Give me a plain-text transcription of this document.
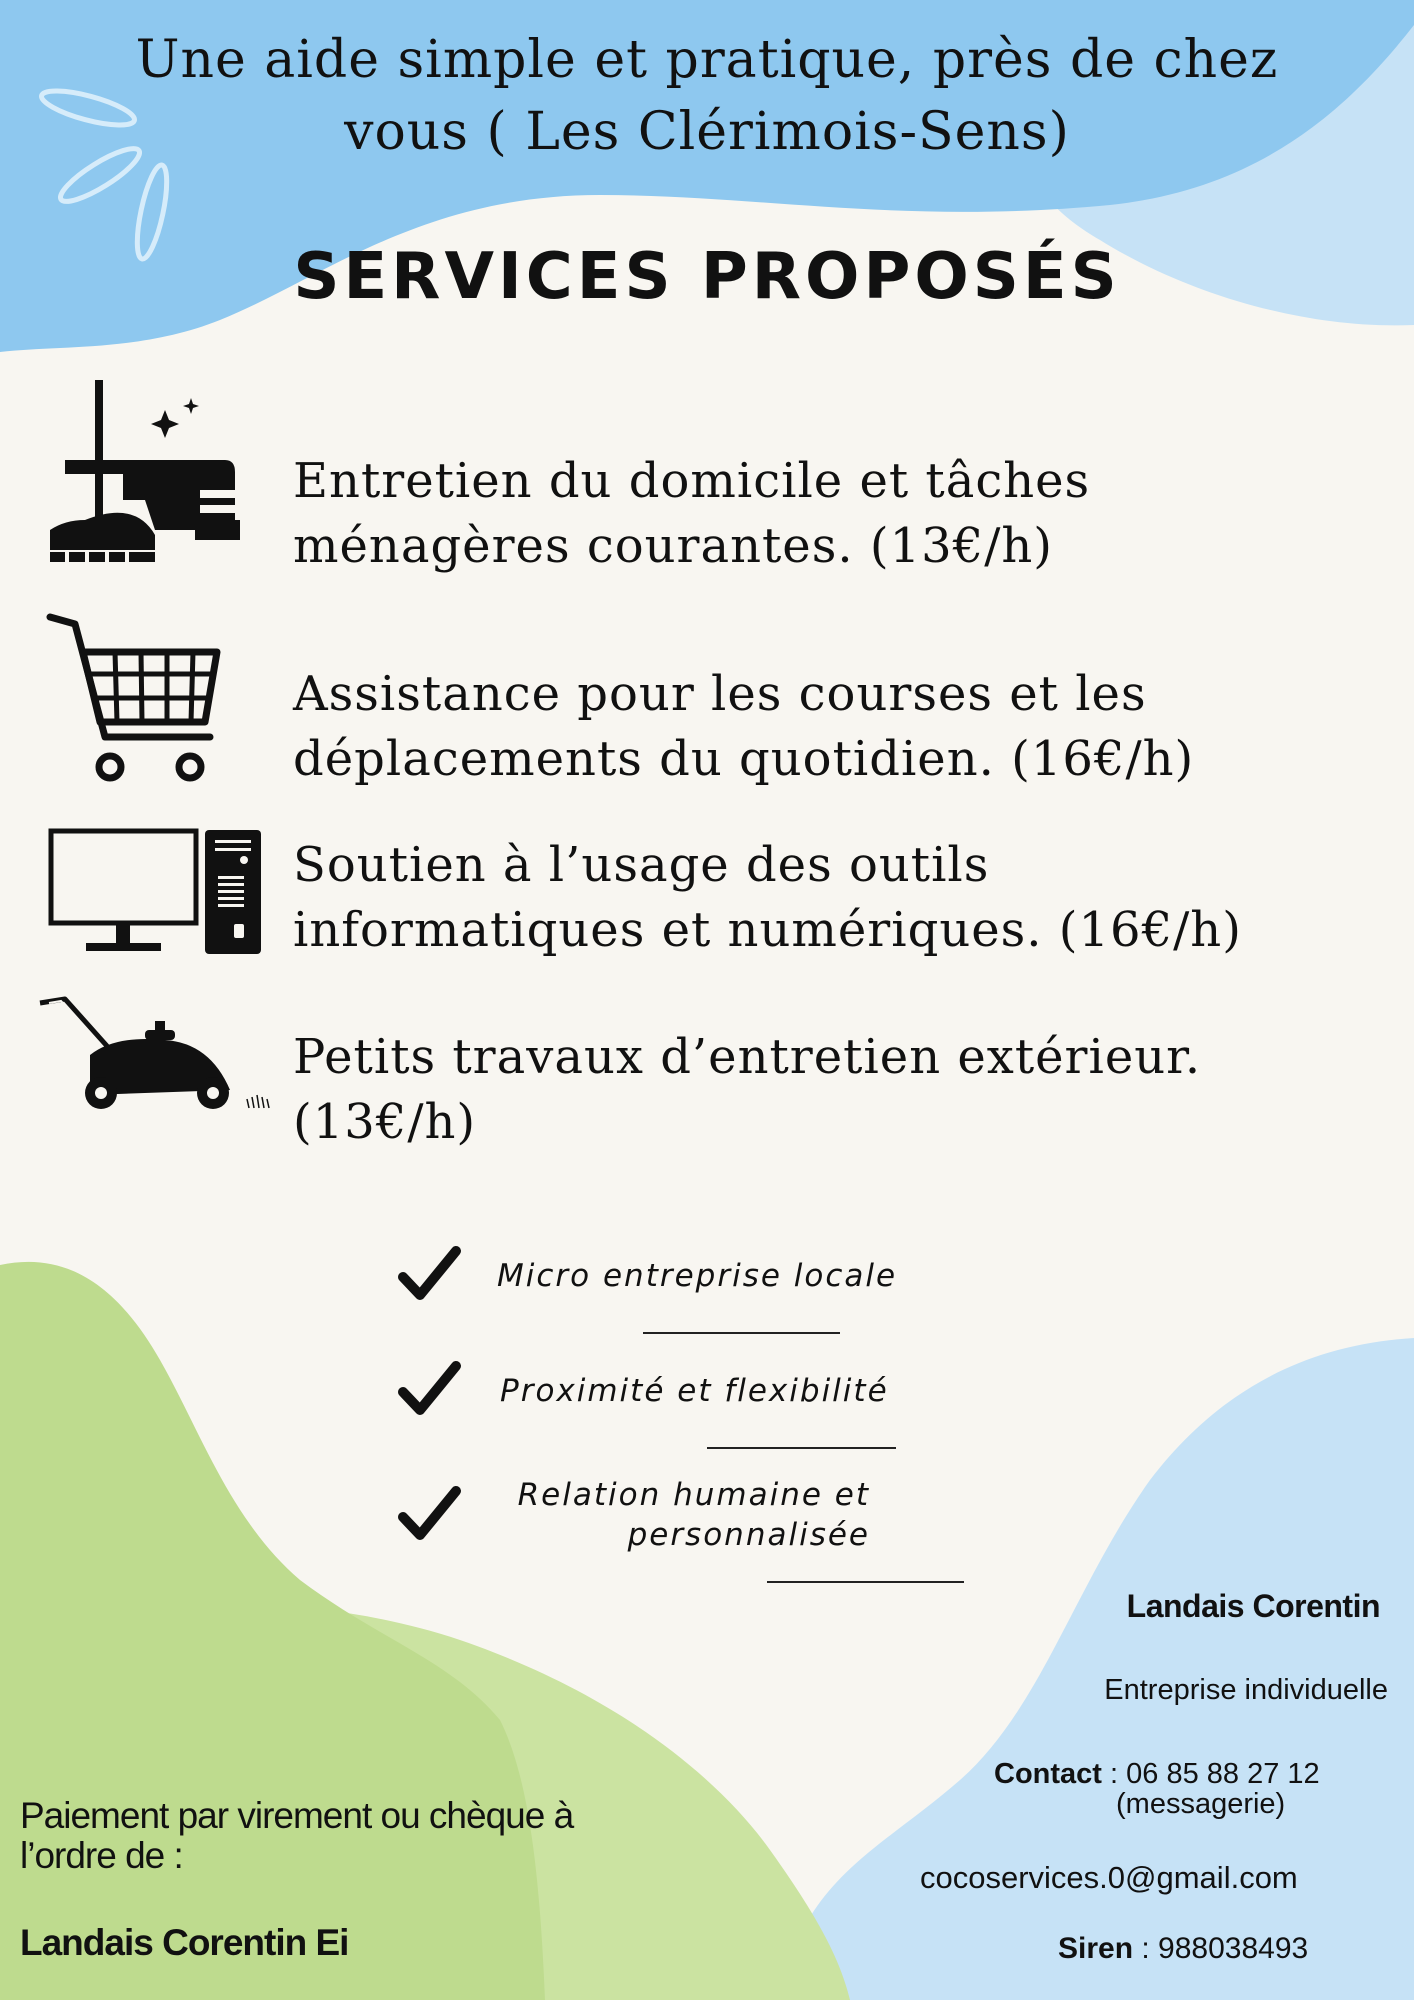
Une aide simple et pratique, près de chez vous ( Les Clérimois-Sens)
SERVICES PROPOSÉS
Entretien du domicile et tâches ménagères courantes. (13€/h)
Assistance pour les courses et les déplacements du quotidien. (16€/h)
Soutien à l’usage des outils informatiques et numériques. (16€/h)
Petits travaux d’entretien extérieur. (13€/h)
Micro entreprise locale
Proximité et flexibilité
Relation humaine et
personnalisée
Landais Corentin
Entreprise individuelle
Contact : 06 85 88 27 12
(messagerie)
cocoservices.0@gmail.com
Siren : 988038493
Paiement par virement ou chèque à
l’ordre de :
Landais Corentin Ei
